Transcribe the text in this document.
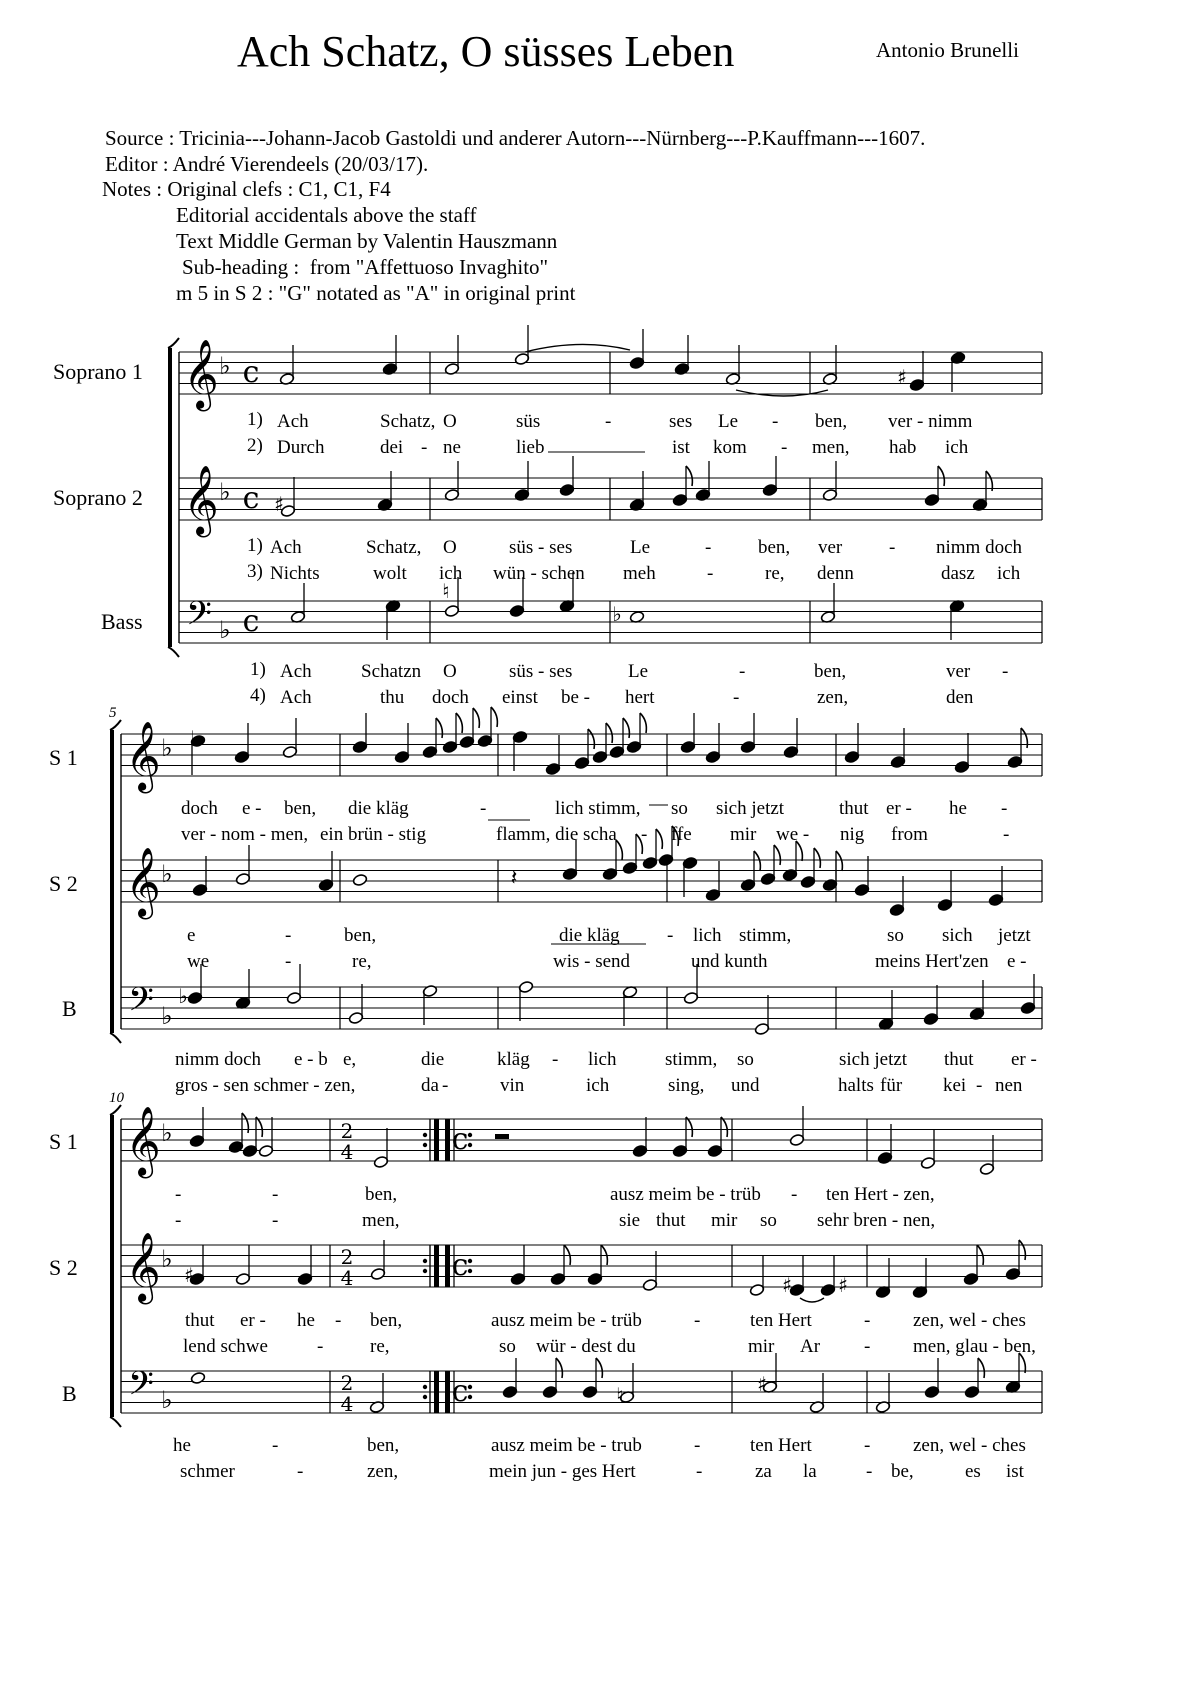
Ach Schatz, O süsses Leben	Antonio Brunelli
Source : Tricinia---Johann-Jacob Gastoldi und anderer Autorn---Nürnberg---P.Kauffmann---1607.
Editor : André Vierendeels (20/03/17).
Notes : Original clefs : C1, C1, F4
Editorial accidentals above the staff
Text Middle German by Valentin Hauszmann
Sub-heading :  from "Affettuoso Invaghito"
m 5 in S 2 : "G" notated as "A" in original print
Soprano 1
Soprano 2
Bass
S 1
S 2
B
S 1
S 2
B
5
10
1)
2)
1)
3)
1)
4)
Ach	Schatz, O	süs	-	ses Le - ben, ver - nimm
Durch	dei - ne	lieb	ist kom - men, hab ich
Ach	Schatz, O	süs - ses	Le	- ben, ver - nimm doch
Nichts	wolt ich wün - schen meh	-	re, denn	dasz ich
Ach	Schatzn O	süs - ses	Le	-	ben,	ver -
Ach	thu doch einst be - hert	-	zen,	den
doch e - ben, die kläg	-	lich stimm, so sich jetzt	thut er - he -
ver - nom - men, ein brün - stig	flamm, die scha - ffe mir we - nig from	-
e	-	ben,	die kläg - lich stimm,	so sich jetzt
we	-	re,	wis - send	und kunth	meins Hert'zen e -
nimm doch e - b e,	die	kläg - lich	stimm, so	sich jetzt thut er -
gros - sen schmer - zen,	da -	vin	ich	sing, und	halts für kei - nen
-	-	ben,	ausz meim be - trüb - ten Hert - zen,
-	-	men,	sie thut mir so sehr bren - nen,
thut er - he - ben,	ausz meim be - trüb	-	ten Hert	- zen, wel - ches
lend schwe	- re,	so wür - dest du	mir Ar - men, glau - ben,
he	-	ben,	ausz meim be - trub	-	ten Hert	- zen, wel - ches
schmer	-	zen,	mein jun - ges Hert	-	za la	- be,	es ist
𝄞 ♭
𝄞 ♭
𝄢 ♭
𝄞 ♭
𝄞 ♭
𝄢 ♭
𝄞 ♭
𝄞 ♭
𝄢 ♭
c
c
c
2
4	c
2
4	c
2
4	c
𝄽
♯
♯
♮
♭
♭
♭
♯	♯ ♯
♮	♯
